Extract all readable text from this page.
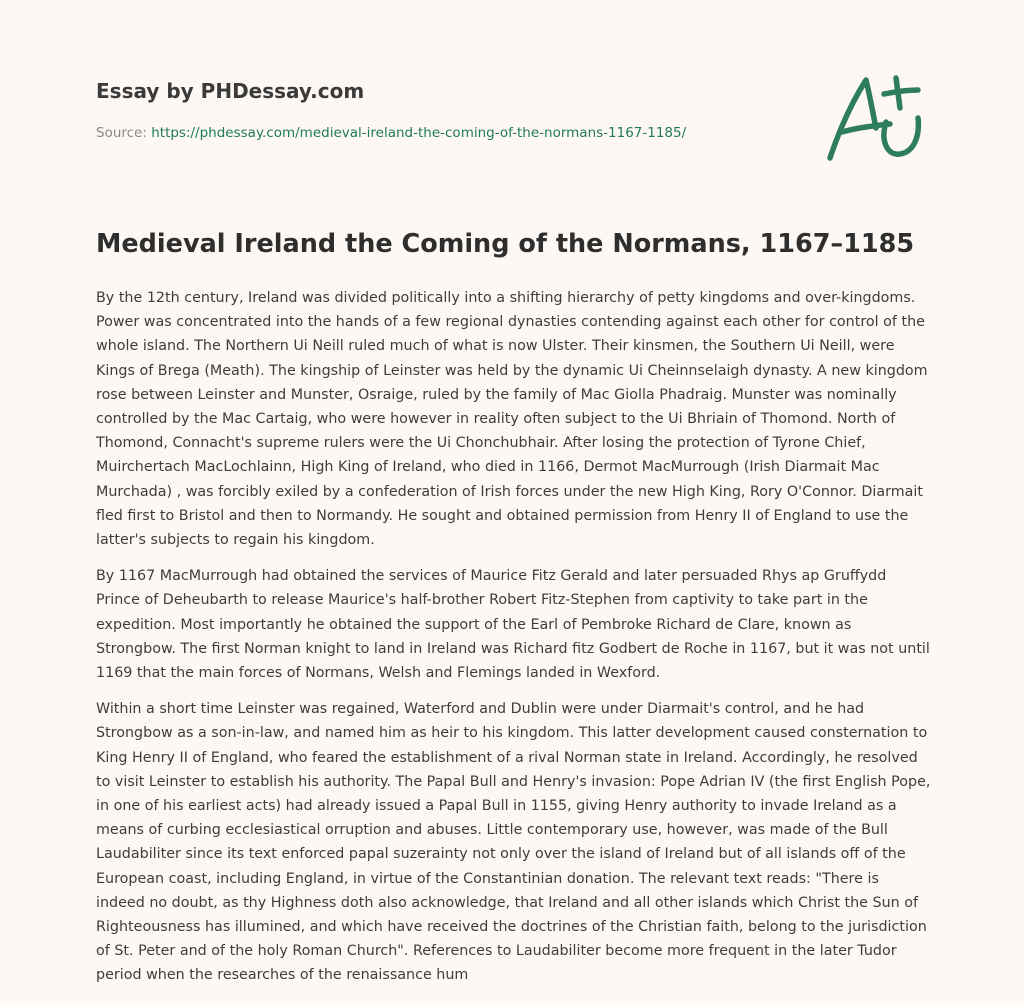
Essay by PHDessay.com
Source: https://phdessay.com/medieval-ireland-the-coming-of-the-normans-1167-1185/
Medieval Ireland the Coming of the Normans, 1167–1185

By the 12th century, Ireland was divided politically into a shifting hierarchy of petty kingdoms and over-kingdoms. Power was concentrated into the hands of a few regional dynasties contending against each other for control of the whole island. The Northern Ui Neill ruled much of what is now Ulster. Their kinsmen, the Southern Ui Neill, were Kings of Brega (Meath). The kingship of Leinster was held by the dynamic Ui Cheinnselaigh dynasty. A new kingdom rose between Leinster and Munster, Osraige, ruled by the family of Mac Giolla Phadraig. Munster was nominally controlled by the Mac Cartaig, who were however in reality often subject to the Ui Bhriain of Thomond. North of Thomond, Connacht's supreme rulers were the Ui Chonchubhair. After losing the protection of Tyrone Chief, Muirchertach MacLochlainn, High King of Ireland, who died in 1166, Dermot MacMurrough (Irish Diarmait Mac Murchada) , was forcibly exiled by a confederation of Irish forces under the new High King, Rory O'Connor. Diarmait fled first to Bristol and then to Normandy. He sought and obtained permission from Henry II of England to use the latter's subjects to regain his kingdom.

By 1167 MacMurrough had obtained the services of Maurice Fitz Gerald and later persuaded Rhys ap Gruffydd Prince of Deheubarth to release Maurice's half-brother Robert Fitz-Stephen from captivity to take part in the expedition. Most importantly he obtained the support of the Earl of Pembroke Richard de Clare, known as Strongbow. The first Norman knight to land in Ireland was Richard fitz Godbert de Roche in 1167, but it was not until 1169 that the main forces of Normans, Welsh and Flemings landed in Wexford.

Within a short time Leinster was regained, Waterford and Dublin were under Diarmait's control, and he had Strongbow as a son-in-law, and named him as heir to his kingdom. This latter development caused consternation to King Henry II of England, who feared the establishment of a rival Norman state in Ireland. Accordingly, he resolved to visit Leinster to establish his authority. The Papal Bull and Henry's invasion: Pope Adrian IV (the first English Pope, in one of his earliest acts) had already issued a Papal Bull in 1155, giving Henry authority to invade Ireland as a means of curbing ecclesiastical orruption and abuses. Little contemporary use, however, was made of the Bull Laudabiliter since its text enforced papal suzerainty not only over the island of Ireland but of all islands off of the European coast, including England, in virtue of the Constantinian donation. The relevant text reads: "There is indeed no doubt, as thy Highness doth also acknowledge, that Ireland and all other islands which Christ the Sun of Righteousness has illumined, and which have received the doctrines of the Christian faith, belong to the jurisdiction of St. Peter and of the holy Roman Church". References to Laudabiliter become more frequent in the later Tudor period when the researches of the renaissance hum
